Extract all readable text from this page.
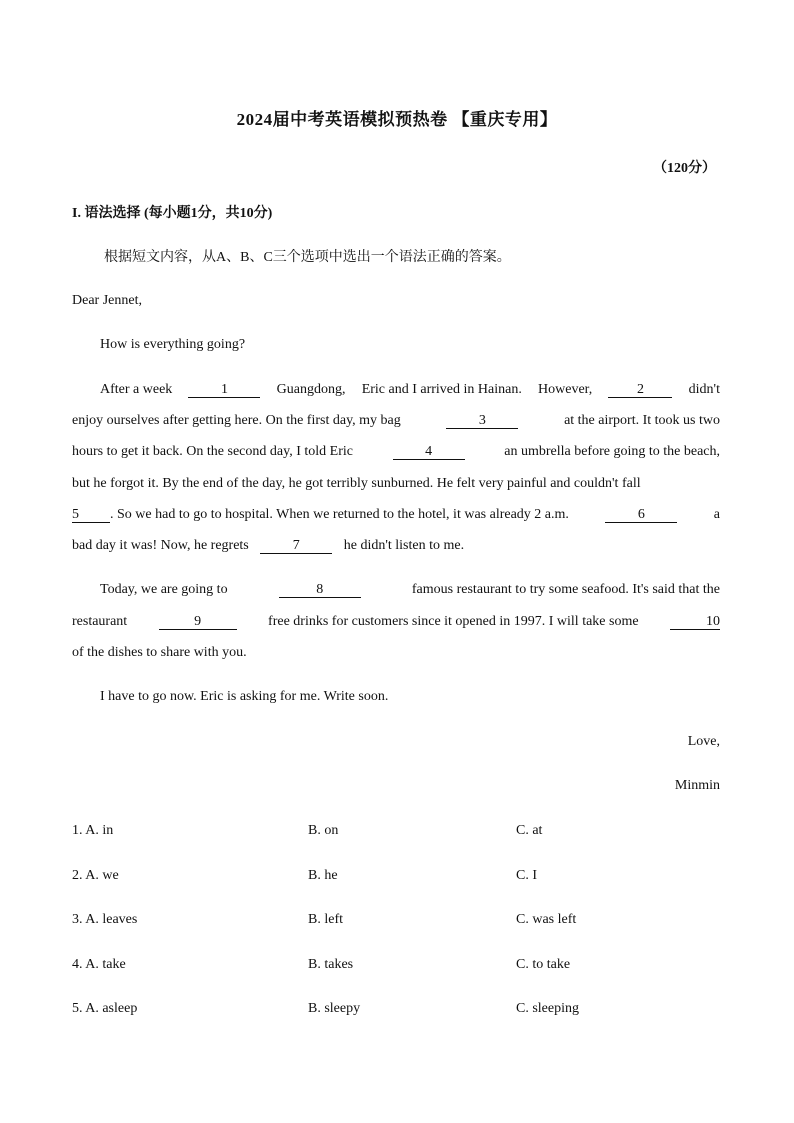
2024届中考英语模拟预热卷 【重庆专用】
（120分）
I. 语法选择 (每小题1分，共10分)
根据短文内容，从A、B、C三个选项中选出一个语法正确的答案。
Dear Jennet,
How is everything going?
After a week	1	Guangdong, Eric and I arrived in Hainan. However,	2	didn't
enjoy ourselves after getting here. On the first day, my bag	3	at the airport. It took us two
hours to get it back. On the second day, I told Eric	4	an umbrella before going to the beach,
but he forgot it. By the end of the day, he got terribly sunburned. He felt very painful and couldn't fall
5	. So we had to go to hospital. When we returned to the hotel, it was already 2 a.m.	6	a
bad day it was! Now, he regrets	7	he didn't listen to me.
Today, we are going to	8	famous restaurant to try some seafood. It's said that the
restaurant	9	free drinks for customers since it opened in 1997. I will take some	10
of the dishes to share with you.
I have to go now. Eric is asking for me. Write soon.
Love,
Minmin
1. A. in	B. on	C. at
2. A. we	B. he	C. I
3. A. leaves	B. left	C. was left
4. A. take	B. takes	C. to take
5. A. asleep	B. sleepy	C. sleeping
